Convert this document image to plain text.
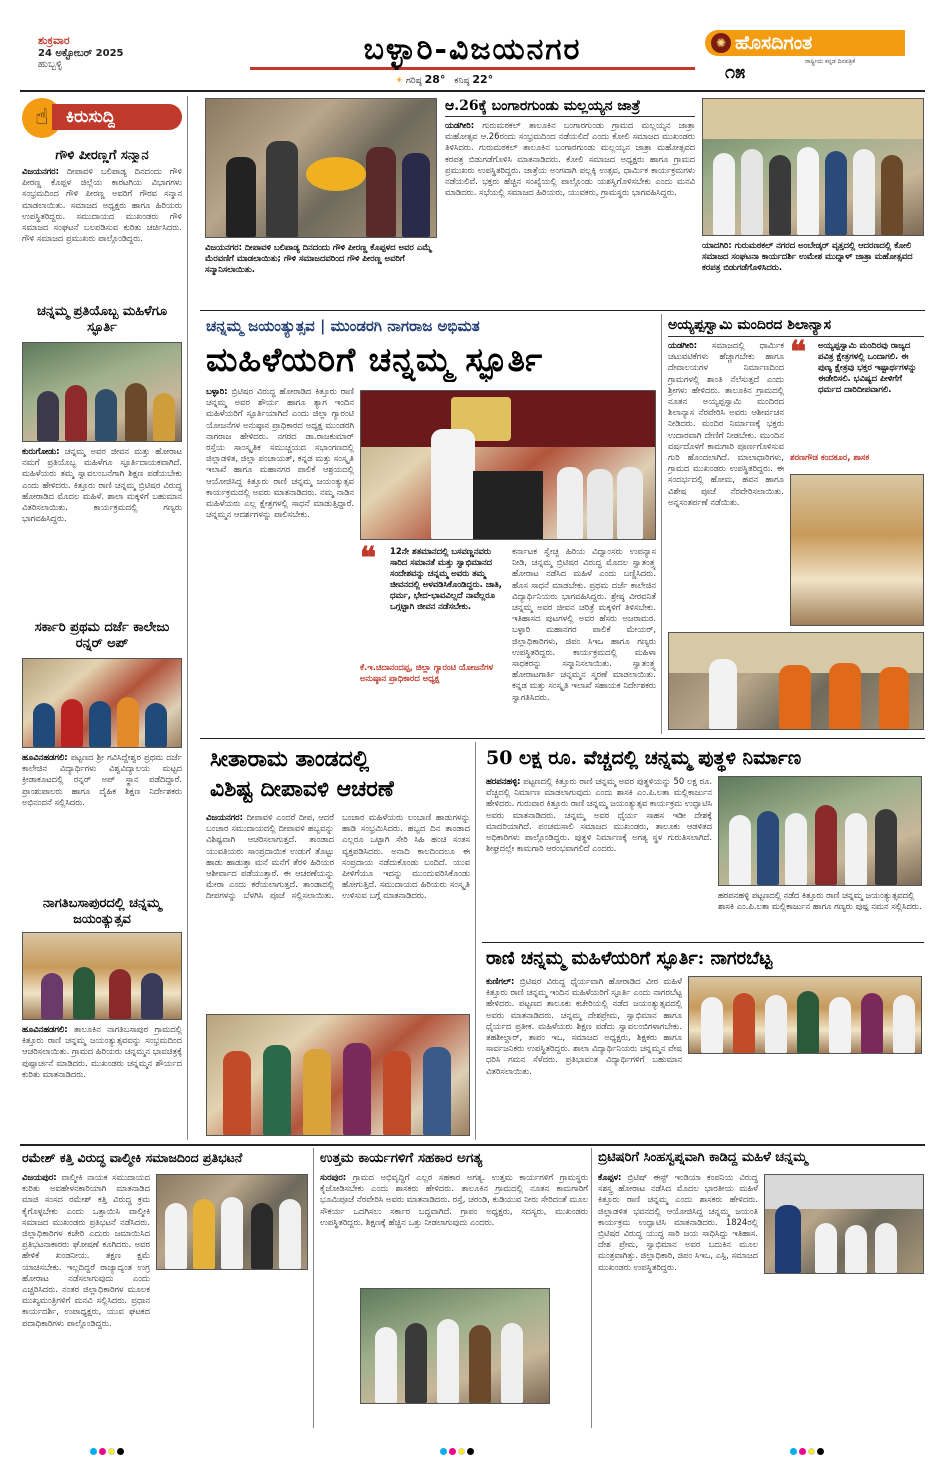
ಶುಕ್ರವಾರ
24 ಅಕ್ಟೋಬರ್ 2025
ಹುಬ್ಬಳ್ಳಿ	ಬಳ್ಳಾರಿ-ವಿಜಯನಗರ
☀ ಗರಿಷ್ಠ 28° ಕನಿಷ್ಠ 22°
✺ ಹೊಸದಿಗಂತ
ರಾಷ್ಟ್ರೀಯ ಕನ್ನಡ ದಿನಪತ್ರಿಕೆ
೧೫
☝	ಕಿರುಸುದ್ದಿ
ಗೌಳಿ ಪೀರಣ್ಣಗೆ ಸನ್ಮಾನ
ವಿಜಯನಗರ: ದೀಪಾವಳಿ ಬಲಿಪಾಡ್ಯ ದಿನದಂದು ಗೌಳಿ ಪೀರಣ್ಣ ಕೊಪ್ಪಳ ಜಿಲ್ಲೆಯ ಕಾರಟಗಿಯ ವಿಭಾಗಗಳು ಸಂಭ್ರಮದಿಂದ ಗೌಳಿ ಪೀರಣ್ಣ ಅವರಿಗೆ ಗೌರವ ಸನ್ಮಾನ ಮಾಡಲಾಯಿತು. ಸಮಾಜದ ಅಧ್ಯಕ್ಷರು ಹಾಗೂ ಹಿರಿಯರು ಉಪಸ್ಥಿತರಿದ್ದರು. ಸಮುದಾಯದ ಮುಖಂಡರು ಗೌಳಿ ಸಮಾಜದ ಸಂಘಟನೆ ಬಲಪಡಿಸುವ ಕುರಿತು ಚರ್ಚಿಸಿದರು. ಗೌಳಿ ಸಮಾಜದ ಪ್ರಮುಖರು ಪಾಲ್ಗೊಂಡಿದ್ದರು.
ಚನ್ನಮ್ಮ ಪ್ರತಿಯೊಬ್ಬ ಮಹಿಳೆಗೂ ಸ್ಫೂರ್ತಿ
ಕುರುಗೋಡು: ಚನ್ನಮ್ಮ ಅವರ ಜೀವನ ಮತ್ತು ಹೋರಾಟ ನಮಗೆ ಪ್ರತಿಯೊಬ್ಬ ಮಹಿಳೆಗೂ ಸ್ಫೂರ್ತಿದಾಯಕವಾಗಿದೆ. ಮಹಿಳೆಯರು ತಮ್ಮ ಸ್ವಾವಲಂಬನೆಗಾಗಿ ಶಿಕ್ಷಣ ಪಡೆಯಬೇಕು ಎಂದು ಹೇಳಿದರು. ಕಿತ್ತೂರು ರಾಣಿ ಚನ್ನಮ್ಮ ಬ್ರಿಟಿಷರ ವಿರುದ್ಧ ಹೋರಾಡಿದ ಮೊದಲ ಮಹಿಳೆ. ಶಾಲಾ ಮಕ್ಕಳಿಗೆ ಬಹುಮಾನ ವಿತರಿಸಲಾಯಿತು. ಕಾರ್ಯಕ್ರಮದಲ್ಲಿ ಗಣ್ಯರು ಭಾಗವಹಿಸಿದ್ದರು.
ಸರ್ಕಾರಿ ಪ್ರಥಮ ದರ್ಜೆ ಕಾಲೇಜು ರನ್ನರ್ ಅಪ್
ಹೂವಿನಹಡಗಲಿ: ಪಟ್ಟಣದ ಶ್ರೀ ಗವಿಸಿದ್ದೇಶ್ವರ ಪ್ರಥಮ ದರ್ಜೆ ಕಾಲೇಜಿನ ವಿದ್ಯಾರ್ಥಿಗಳು ವಿಶ್ವವಿದ್ಯಾಲಯ ಮಟ್ಟದ ಕ್ರೀಡಾಕೂಟದಲ್ಲಿ ರನ್ನರ್ ಅಪ್ ಸ್ಥಾನ ಪಡೆದಿದ್ದಾರೆ. ಪ್ರಾಂಶುಪಾಲರು ಹಾಗೂ ದೈಹಿಕ ಶಿಕ್ಷಣ ನಿರ್ದೇಶಕರು ಅಭಿನಂದನೆ ಸಲ್ಲಿಸಿದರು.
ನಾಗತಿಬಸಾಪುರದಲ್ಲಿ ಚನ್ನಮ್ಮ ಜಯಂತ್ಯುತ್ಸವ
ಹೂವಿನಹಡಗಲಿ: ತಾಲೂಕಿನ ನಾಗತಿಬಸಾಪುರ ಗ್ರಾಮದಲ್ಲಿ ಕಿತ್ತೂರು ರಾಣಿ ಚನ್ನಮ್ಮ ಜಯಂತ್ಯುತ್ಸವವನ್ನು ಸಂಭ್ರಮದಿಂದ ಆಚರಿಸಲಾಯಿತು. ಗ್ರಾಮದ ಹಿರಿಯರು ಚನ್ನಮ್ಮನ ಭಾವಚಿತ್ರಕ್ಕೆ ಪುಷ್ಪಾರ್ಚನೆ ಮಾಡಿದರು. ಮುಖಂಡರು ಚನ್ನಮ್ಮನ ಶೌರ್ಯದ ಕುರಿತು ಮಾತನಾಡಿದರು.
ವಿಜಯನಗರ: ದೀಪಾವಳಿ ಬಲಿಪಾಡ್ಯ ದಿನದಂದು ಗೌಳಿ ಪೀರಣ್ಣ ಕೊಪ್ಪಳದ ಅವರ ಎಮ್ಮೆ ಮೆರವಣಿಗೆ ಮಾಡಲಾಯಿತು; ಗೌಳಿ ಸಮಾಜದವರಿಂದ ಗೌಳಿ ಪೀರಣ್ಣ ಅವರಿಗೆ ಸನ್ಮಾನಿಸಲಾಯಿತು.
ಆ.26ಕ್ಕೆ ಬಂಗಾರಗುಂಡು ಮಲ್ಲಯ್ಯನ ಜಾತ್ರೆ
ಯಡಗೀರಿ: ಗುರುಮಠಕಲ್ ತಾಲೂಕಿನ ಬಂಗಾರಗುಂಡು ಗ್ರಾಮದ ಮಲ್ಲಯ್ಯನ ಜಾತ್ರಾ ಮಹೋತ್ಸವ ಆ.26ರಂದು ಸಂಭ್ರಮದಿಂದ ನಡೆಯಲಿದೆ ಎಂದು ಕೋಲಿ ಸಮಾಜದ ಮುಖಂಡರು ತಿಳಿಸಿದರು. ಗುರುಮಠಕಲ್ ತಾಲೂಕಿನ ಬಂಗಾರಗುಂಡು ಮಲ್ಲಯ್ಯನ ಜಾತ್ರಾ ಮಹೋತ್ಸವದ ಕರಪತ್ರ ಬಿಡುಗಡೆಗೊಳಿಸಿ ಮಾತನಾಡಿದರು. ಕೋಲಿ ಸಮಾಜದ ಅಧ್ಯಕ್ಷರು ಹಾಗೂ ಗ್ರಾಮದ ಪ್ರಮುಖರು ಉಪಸ್ಥಿತರಿದ್ದರು. ಜಾತ್ರೆಯ ಅಂಗವಾಗಿ ಪಲ್ಲಕ್ಕಿ ಉತ್ಸವ, ಧಾರ್ಮಿಕ ಕಾರ್ಯಕ್ರಮಗಳು ನಡೆಯಲಿವೆ. ಭಕ್ತರು ಹೆಚ್ಚಿನ ಸಂಖ್ಯೆಯಲ್ಲಿ ಪಾಲ್ಗೊಂಡು ಯಶಸ್ವಿಗೊಳಿಸಬೇಕು ಎಂದು ಮನವಿ ಮಾಡಿದರು. ಸಭೆಯಲ್ಲಿ ಸಮಾಜದ ಹಿರಿಯರು, ಯುವಕರು, ಗ್ರಾಮಸ್ಥರು ಭಾಗವಹಿಸಿದ್ದರು.
ಯಾದಗಿರಿ: ಗುರುಮಠಕಲ್ ನಗರದ ಅಂಬೇಡ್ಕರ್ ವೃತ್ತದಲ್ಲಿ ಆದರಣದಲ್ಲಿ ಕೋಲಿ ಸಮಾಜದ ಸಂಘಟನಾ ಕಾರ್ಯದರ್ಶಿ ಉಮೇಶ ಮುದ್ನಾಳ್ ಜಾತ್ರಾ ಮಹೋತ್ಸವದ ಕರಪತ್ರ ಬಿಡುಗಡೆಗೊಳಿಸಿದರು.
ಚನ್ನಮ್ಮ ಜಯಂತ್ಯುತ್ಸವ | ಮುಂಡರಗಿ ನಾಗರಾಜ ಅಭಿಮತ
ಮಹಿಳೆಯರಿಗೆ ಚನ್ನಮ್ಮ ಸ್ಫೂರ್ತಿ
ಬಳ್ಳಾರಿ: ಬ್ರಿಟಿಷರ ವಿರುದ್ಧ ಹೋರಾಡಿದ ಕಿತ್ತೂರು ರಾಣಿ ಚನ್ನಮ್ಮ ಅವರ ಶೌರ್ಯ ಹಾಗೂ ತ್ಯಾಗ ಇಂದಿನ ಮಹಿಳೆಯರಿಗೆ ಸ್ಫೂರ್ತಿಯಾಗಿದೆ ಎಂದು ಜಿಲ್ಲಾ ಗ್ಯಾರಂಟಿ ಯೋಜನೆಗಳ ಅನುಷ್ಠಾನ ಪ್ರಾಧಿಕಾರದ ಅಧ್ಯಕ್ಷ ಮುಂಡರಗಿ ನಾಗರಾಜ ಹೇಳಿದರು. ನಗರದ ಡಾ.ರಾಜಕುಮಾರ್ ರಸ್ತೆಯ ಸಾಂಸ್ಕೃತಿಕ ಸಮುಚ್ಚಯದ ಸಭಾಂಗಣದಲ್ಲಿ ಜಿಲ್ಲಾಡಳಿತ, ಜಿಲ್ಲಾ ಪಂಚಾಯತ್, ಕನ್ನಡ ಮತ್ತು ಸಂಸ್ಕೃತಿ ಇಲಾಖೆ ಹಾಗೂ ಮಹಾನಗರ ಪಾಲಿಕೆ ಆಶ್ರಯದಲ್ಲಿ ಆಯೋಜಿಸಿದ್ದ ಕಿತ್ತೂರು ರಾಣಿ ಚನ್ನಮ್ಮ ಜಯಂತ್ಯುತ್ಸವ ಕಾರ್ಯಕ್ರಮದಲ್ಲಿ ಅವರು ಮಾತನಾಡಿದರು. ನಮ್ಮ ನಾಡಿನ ಮಹಿಳೆಯರು ಎಲ್ಲ ಕ್ಷೇತ್ರಗಳಲ್ಲಿ ಸಾಧನೆ ಮಾಡುತ್ತಿದ್ದಾರೆ. ಚನ್ನಮ್ಮನ ಆದರ್ಶಗಳನ್ನು ಪಾಲಿಸಬೇಕು.
❝	12ನೇ ಶತಮಾನದಲ್ಲಿ ಬಸವಣ್ಣನವರು ಸಾರಿದ ಸಮಾನತೆ ಮತ್ತು ಸ್ವಾಭಿಮಾನದ ಸಂದೇಶವನ್ನು ಚನ್ನಮ್ಮ ಅವರು ತಮ್ಮ ಜೀವನದಲ್ಲಿ ಅಳವಡಿಸಿಕೊಂಡಿದ್ದರು. ಜಾತಿ, ಧರ್ಮ, ಭೇದ-ಭಾವವಿಲ್ಲದೆ ನಾವೆಲ್ಲರೂ ಒಗ್ಗಟ್ಟಾಗಿ ಜೀವನ ನಡೆಸಬೇಕು.
ಕೆ.ಇ.ಚಿದಾನಂದಪ್ಪ, ಜಿಲ್ಲಾ ಗ್ಯಾರಂಟಿ ಯೋಜನೆಗಳ ಅನುಷ್ಠಾನ ಪ್ರಾಧಿಕಾರದ ಅಧ್ಯಕ್ಷ
ಕರ್ನಾಟಕ ಸ್ವೇಚ್ಛ ಹಿರಿಯ ವಿದ್ವಾಂಸರು ಉಪನ್ಯಾಸ ನೀಡಿ, ಚನ್ನಮ್ಮ ಬ್ರಿಟಿಷರ ವಿರುದ್ಧ ಮೊದಲ ಸ್ವಾತಂತ್ರ್ಯ ಹೋರಾಟ ನಡೆಸಿದ ಮಹಿಳೆ ಎಂದು ಬಣ್ಣಿಸಿದರು. ಹೊಸ ಸಾಧನೆ ಮಾಡಬೇಕು. ಪ್ರಥಮ ದರ್ಜೆ ಕಾಲೇಜಿನ ವಿದ್ಯಾರ್ಥಿನಿಯರು ಭಾಗವಹಿಸಿದ್ದರು. ಶ್ರೇಷ್ಠ ವೀರವನಿತೆ ಚನ್ನಮ್ಮ ಅವರ ಜೀವನ ಚರಿತ್ರೆ ಮಕ್ಕಳಿಗೆ ತಿಳಿಸಬೇಕು. ಇತಿಹಾಸದ ಪುಟಗಳಲ್ಲಿ ಅವರ ಹೆಸರು ಅಜರಾಮರ. ಬಳ್ಳಾರಿ ಮಹಾನಗರ ಪಾಲಿಕೆ ಮೇಯರ್, ಜಿಲ್ಲಾಧಿಕಾರಿಗಳು, ಜಿಪಂ ಸಿಇಒ ಹಾಗೂ ಗಣ್ಯರು ಉಪಸ್ಥಿತರಿದ್ದರು. ಕಾರ್ಯಕ್ರಮದಲ್ಲಿ ಮಹಿಳಾ ಸಾಧಕರನ್ನು ಸನ್ಮಾನಿಸಲಾಯಿತು. ಸ್ವಾತಂತ್ರ್ಯ ಹೋರಾಟಗಾರ್ತಿ ಚನ್ನಮ್ಮನ ಸ್ಮರಣೆ ಮಾಡಲಾಯಿತು. ಕನ್ನಡ ಮತ್ತು ಸಂಸ್ಕೃತಿ ಇಲಾಖೆ ಸಹಾಯಕ ನಿರ್ದೇಶಕರು ಸ್ವಾಗತಿಸಿದರು.
ಅಯ್ಯಪ್ಪಸ್ವಾಮಿ ಮಂದಿರದ ಶಿಲಾನ್ಯಾಸ
ಯಡಗೀರಿ: ಸಮಾಜದಲ್ಲಿ ಧಾರ್ಮಿಕ ಚಟುವಟಿಕೆಗಳು ಹೆಚ್ಚಾಗಬೇಕು ಹಾಗೂ ದೇವಾಲಯಗಳ ನಿರ್ಮಾಣದಿಂದ ಗ್ರಾಮಗಳಲ್ಲಿ ಶಾಂತಿ ನೆಲೆಸುತ್ತದೆ ಎಂದು ಶ್ರೀಗಳು ಹೇಳಿದರು. ತಾಲೂಕಿನ ಗ್ರಾಮದಲ್ಲಿ ನೂತನ ಅಯ್ಯಪ್ಪಸ್ವಾಮಿ ಮಂದಿರದ ಶಿಲಾನ್ಯಾಸ ನೆರವೇರಿಸಿ ಅವರು ಆಶೀರ್ವಚನ ನೀಡಿದರು. ಮಂದಿರ ನಿರ್ಮಾಣಕ್ಕೆ ಭಕ್ತರು ಉದಾರವಾಗಿ ದೇಣಿಗೆ ನೀಡಬೇಕು. ಮುಂದಿನ ವರ್ಷದೊಳಗೆ ಕಾಮಗಾರಿ ಪೂರ್ಣಗೊಳಿಸುವ ಗುರಿ ಹೊಂದಲಾಗಿದೆ. ಮಾಲಾಧಾರಿಗಳು, ಗ್ರಾಮದ ಮುಖಂಡರು ಉಪಸ್ಥಿತರಿದ್ದರು. ಈ ಸಂದರ್ಭದಲ್ಲಿ ಹೋಮ, ಹವನ ಹಾಗೂ ವಿಶೇಷ ಪೂಜೆ ನೆರವೇರಿಸಲಾಯಿತು. ಅನ್ನಸಂತರ್ಪಣೆ ನಡೆಯಿತು.
❝	ಅಯ್ಯಪ್ಪಸ್ವಾಮಿ ಮಂದಿರವು ರಾಜ್ಯದ ಪವಿತ್ರ ಕ್ಷೇತ್ರಗಳಲ್ಲಿ ಒಂದಾಗಲಿ. ಈ ಪುಣ್ಯ ಕ್ಷೇತ್ರವು ಭಕ್ತರ ಇಷ್ಟಾರ್ಥಗಳನ್ನು ಈಡೇರಿಸಲಿ. ಭವಿಷ್ಯದ ಪೀಳಿಗೆಗೆ ಧರ್ಮದ ದಾರಿದೀಪವಾಗಲಿ.
ಶರಣಗೌಡ ಕಂದಕೂರ, ಶಾಸಕ
ಸೀತಾರಾಮ ತಾಂಡದಲ್ಲಿ
ವಿಶಿಷ್ಟ ದೀಪಾವಳಿ ಆಚರಣೆ
ವಿಜಯನಗರ: ದೀಪಾವಳಿ ಎಂದರೆ ದೀಪ, ಆದರೆ ಬಂಜಾರ ಸಮುದಾಯದಲ್ಲಿ ದೀಪಾವಳಿ ಹಬ್ಬವನ್ನು ವಿಶಿಷ್ಟವಾಗಿ ಆಚರಿಸಲಾಗುತ್ತದೆ. ತಾಂಡಾದ ಯುವತಿಯರು ಸಾಂಪ್ರದಾಯಿಕ ಉಡುಗೆ ತೊಟ್ಟು ಹಾಡು ಹಾಡುತ್ತಾ ಮನೆ ಮನೆಗೆ ತೆರಳಿ ಹಿರಿಯರ ಆಶೀರ್ವಾದ ಪಡೆಯುತ್ತಾರೆ. ಈ ಆಚರಣೆಯನ್ನು ಮೇರಾ ಎಂದು ಕರೆಯಲಾಗುತ್ತದೆ. ತಾಂಡಾದಲ್ಲಿ ದೀಪಗಳನ್ನು ಬೆಳಗಿಸಿ ಪೂಜೆ ಸಲ್ಲಿಸಲಾಯಿತು. ಬಂಜಾರ ಮಹಿಳೆಯರು ಲಂಬಾಣಿ ಹಾಡುಗಳನ್ನು ಹಾಡಿ ಸಂಭ್ರಮಿಸಿದರು. ಹಬ್ಬದ ದಿನ ತಾಂಡಾದ ಎಲ್ಲರೂ ಒಟ್ಟಾಗಿ ಸೇರಿ ಸಿಹಿ ಹಂಚಿ ಸಂತಸ ವ್ಯಕ್ತಪಡಿಸಿದರು. ಅನಾದಿ ಕಾಲದಿಂದಲೂ ಈ ಸಂಪ್ರದಾಯ ನಡೆದುಕೊಂಡು ಬಂದಿದೆ. ಯುವ ಪೀಳಿಗೆಯೂ ಇದನ್ನು ಮುಂದುವರಿಸಿಕೊಂಡು ಹೋಗುತ್ತಿದೆ. ಸಮುದಾಯದ ಹಿರಿಯರು ಸಂಸ್ಕೃತಿ ಉಳಿಸುವ ಬಗ್ಗೆ ಮಾತನಾಡಿದರು.
50 ಲಕ್ಷ ರೂ. ವೆಚ್ಚದಲ್ಲಿ ಚನ್ನಮ್ಮ ಪುತ್ಥಳಿ ನಿರ್ಮಾಣ
ಹರಪನಹಳ್ಳಿ: ಪಟ್ಟಣದಲ್ಲಿ ಕಿತ್ತೂರು ರಾಣಿ ಚನ್ನಮ್ಮ ಅವರ ಪುತ್ಥಳಿಯನ್ನು 50 ಲಕ್ಷ ರೂ. ವೆಚ್ಚದಲ್ಲಿ ನಿರ್ಮಾಣ ಮಾಡಲಾಗುವುದು ಎಂದು ಶಾಸಕಿ ಎಂ.ಪಿ.ಲತಾ ಮಲ್ಲಿಕಾರ್ಜುನ ಹೇಳಿದರು. ಗುರುವಾರ ಕಿತ್ತೂರು ರಾಣಿ ಚನ್ನಮ್ಮ ಜಯಂತ್ಯುತ್ಸವ ಕಾರ್ಯಕ್ರಮ ಉದ್ಘಾಟಿಸಿ ಅವರು ಮಾತನಾಡಿದರು. ಚನ್ನಮ್ಮ ಅವರ ಧೈರ್ಯ ಸಾಹಸ ಇಡೀ ದೇಶಕ್ಕೆ ಮಾದರಿಯಾಗಿದೆ. ಪಂಚಮಸಾಲಿ ಸಮಾಜದ ಮುಖಂಡರು, ತಾಲೂಕು ಆಡಳಿತದ ಅಧಿಕಾರಿಗಳು ಪಾಲ್ಗೊಂಡಿದ್ದರು. ಪುತ್ಥಳಿ ನಿರ್ಮಾಣಕ್ಕೆ ಅಗತ್ಯ ಸ್ಥಳ ಗುರುತಿಸಲಾಗಿದೆ. ಶೀಘ್ರದಲ್ಲೇ ಕಾಮಗಾರಿ ಆರಂಭವಾಗಲಿದೆ ಎಂದರು.
ಹರಪನಹಳ್ಳಿ ಪಟ್ಟಣದಲ್ಲಿ ನಡೆದ ಕಿತ್ತೂರು ರಾಣಿ ಚನ್ನಮ್ಮ ಜಯಂತ್ಯುತ್ಸವದಲ್ಲಿ ಶಾಸಕಿ ಎಂ.ಪಿ.ಲತಾ ಮಲ್ಲಿಕಾರ್ಜುನ ಹಾಗೂ ಗಣ್ಯರು ಪುಷ್ಪ ನಮನ ಸಲ್ಲಿಸಿದರು.
ರಾಣಿ ಚನ್ನಮ್ಮ ಮಹಿಳೆಯರಿಗೆ ಸ್ಫೂರ್ತಿ: ನಾಗರಬೆಟ್ಟ
ಕುಣಿಗಲ್: ಬ್ರಿಟಿಷರ ವಿರುದ್ಧ ಧೈರ್ಯವಾಗಿ ಹೋರಾಡಿದ ವೀರ ಮಹಿಳೆ ಕಿತ್ತೂರು ರಾಣಿ ಚನ್ನಮ್ಮ ಇಂದಿನ ಮಹಿಳೆಯರಿಗೆ ಸ್ಫೂರ್ತಿ ಎಂದು ನಾಗರಬೆಟ್ಟ ಹೇಳಿದರು. ಪಟ್ಟಣದ ತಾಲೂಕು ಕಚೇರಿಯಲ್ಲಿ ನಡೆದ ಜಯಂತ್ಯುತ್ಸವದಲ್ಲಿ ಅವರು ಮಾತನಾಡಿದರು. ಚನ್ನಮ್ಮ ದೇಶಪ್ರೇಮ, ಸ್ವಾಭಿಮಾನ ಹಾಗೂ ಧೈರ್ಯದ ಪ್ರತೀಕ. ಮಹಿಳೆಯರು ಶಿಕ್ಷಣ ಪಡೆದು ಸ್ವಾವಲಂಬಿಗಳಾಗಬೇಕು. ತಹಶೀಲ್ದಾರ್, ತಾಪಂ ಇಒ, ಸಮಾಜದ ಅಧ್ಯಕ್ಷರು, ಶಿಕ್ಷಕರು ಹಾಗೂ ಸಾರ್ವಜನಿಕರು ಉಪಸ್ಥಿತರಿದ್ದರು. ಶಾಲಾ ವಿದ್ಯಾರ್ಥಿನಿಯರು ಚನ್ನಮ್ಮನ ವೇಷ ಧರಿಸಿ ಗಮನ ಸೆಳೆದರು. ಪ್ರತಿಭಾವಂತ ವಿದ್ಯಾರ್ಥಿಗಳಿಗೆ ಬಹುಮಾನ ವಿತರಿಸಲಾಯಿತು.
ರಮೇಶ್ ಕತ್ತಿ ವಿರುದ್ಧ ವಾಲ್ಮೀಕಿ ಸಮಾಜದಿಂದ ಪ್ರತಿಭಟನೆ
ವಿಜಯಪುರ: ವಾಲ್ಮೀಕಿ ನಾಯಕ ಸಮುದಾಯದ ಕುರಿತು ಅವಹೇಳನಕಾರಿಯಾಗಿ ಮಾತನಾಡಿದ ಮಾಜಿ ಸಂಸದ ರಮೇಶ್ ಕತ್ತಿ ವಿರುದ್ಧ ಕ್ರಮ ಕೈಗೊಳ್ಳಬೇಕು ಎಂದು ಒತ್ತಾಯಿಸಿ ವಾಲ್ಮೀಕಿ ಸಮಾಜದ ಮುಖಂಡರು ಪ್ರತಿಭಟನೆ ನಡೆಸಿದರು. ಜಿಲ್ಲಾಧಿಕಾರಿಗಳ ಕಚೇರಿ ಎದುರು ಜಮಾಯಿಸಿದ ಪ್ರತಿಭಟನಾಕಾರರು ಘೋಷಣೆ ಕೂಗಿದರು. ಅವರ ಹೇಳಿಕೆ ಖಂಡನೀಯ. ತಕ್ಷಣ ಕ್ಷಮೆ ಯಾಚಿಸಬೇಕು. ಇಲ್ಲದಿದ್ದರೆ ರಾಜ್ಯಾದ್ಯಂತ ಉಗ್ರ ಹೋರಾಟ ನಡೆಸಲಾಗುವುದು ಎಂದು ಎಚ್ಚರಿಸಿದರು. ನಂತರ ಜಿಲ್ಲಾಧಿಕಾರಿಗಳ ಮೂಲಕ ಮುಖ್ಯಮಂತ್ರಿಗಳಿಗೆ ಮನವಿ ಸಲ್ಲಿಸಿದರು. ಪ್ರಧಾನ ಕಾರ್ಯದರ್ಶಿ, ಉಪಾಧ್ಯಕ್ಷರು, ಯುವ ಘಟಕದ ಪದಾಧಿಕಾರಿಗಳು ಪಾಲ್ಗೊಂಡಿದ್ದರು.
ಉತ್ತಮ ಕಾರ್ಯಗಳಿಗೆ ಸಹಕಾರ ಅಗತ್ಯ
ಸುರಪುರ: ಗ್ರಾಮದ ಅಭಿವೃದ್ಧಿಗೆ ಎಲ್ಲರ ಸಹಕಾರ ಅಗತ್ಯ. ಉತ್ತಮ ಕಾರ್ಯಗಳಿಗೆ ಗ್ರಾಮಸ್ಥರು ಕೈಜೋಡಿಸಬೇಕು ಎಂದು ಶಾಸಕರು ಹೇಳಿದರು. ತಾಲೂಕಿನ ಗ್ರಾಮದಲ್ಲಿ ನೂತನ ಕಾಮಗಾರಿಗೆ ಭೂಮಿಪೂಜೆ ನೆರವೇರಿಸಿ ಅವರು ಮಾತನಾಡಿದರು. ರಸ್ತೆ, ಚರಂಡಿ, ಕುಡಿಯುವ ನೀರು ಸೇರಿದಂತೆ ಮೂಲ ಸೌಕರ್ಯ ಒದಗಿಸಲು ಸರ್ಕಾರ ಬದ್ಧವಾಗಿದೆ. ಗ್ರಾಪಂ ಅಧ್ಯಕ್ಷರು, ಸದಸ್ಯರು, ಮುಖಂಡರು ಉಪಸ್ಥಿತರಿದ್ದರು. ಶಿಕ್ಷಣಕ್ಕೆ ಹೆಚ್ಚಿನ ಒತ್ತು ನೀಡಲಾಗುವುದು ಎಂದರು.
ಬ್ರಿಟಿಷರಿಗೆ ಸಿಂಹಸ್ವಪ್ನವಾಗಿ ಕಾಡಿದ್ದ ಮಹಿಳೆ ಚನ್ನಮ್ಮ
ಕೊಪ್ಪಳ: ಬ್ರಿಟಿಷ್ ಈಸ್ಟ್ ಇಂಡಿಯಾ ಕಂಪನಿಯ ವಿರುದ್ಧ ಸಶಸ್ತ್ರ ಹೋರಾಟ ನಡೆಸಿದ ಮೊದಲ ಭಾರತೀಯ ಮಹಿಳೆ ಕಿತ್ತೂರು ರಾಣಿ ಚನ್ನಮ್ಮ ಎಂದು ಶಾಸಕರು ಹೇಳಿದರು. ಜಿಲ್ಲಾಡಳಿತ ಭವನದಲ್ಲಿ ಆಯೋಜಿಸಿದ್ದ ಚನ್ನಮ್ಮ ಜಯಂತಿ ಕಾರ್ಯಕ್ರಮ ಉದ್ಘಾಟಿಸಿ ಮಾತನಾಡಿದರು. 1824ರಲ್ಲಿ ಬ್ರಿಟಿಷರ ವಿರುದ್ಧ ಯುದ್ಧ ಸಾರಿ ಜಯ ಸಾಧಿಸಿದ್ದು ಇತಿಹಾಸ. ದೇಶ ಪ್ರೇಮ, ಸ್ವಾಭಿಮಾನ ಅವರ ಬದುಕಿನ ಮೂಲ ಮಂತ್ರವಾಗಿತ್ತು. ಜಿಲ್ಲಾಧಿಕಾರಿ, ಜಿಪಂ ಸಿಇಒ, ಎಸ್ಪಿ, ಸಮಾಜದ ಮುಖಂಡರು ಉಪಸ್ಥಿತರಿದ್ದರು.
